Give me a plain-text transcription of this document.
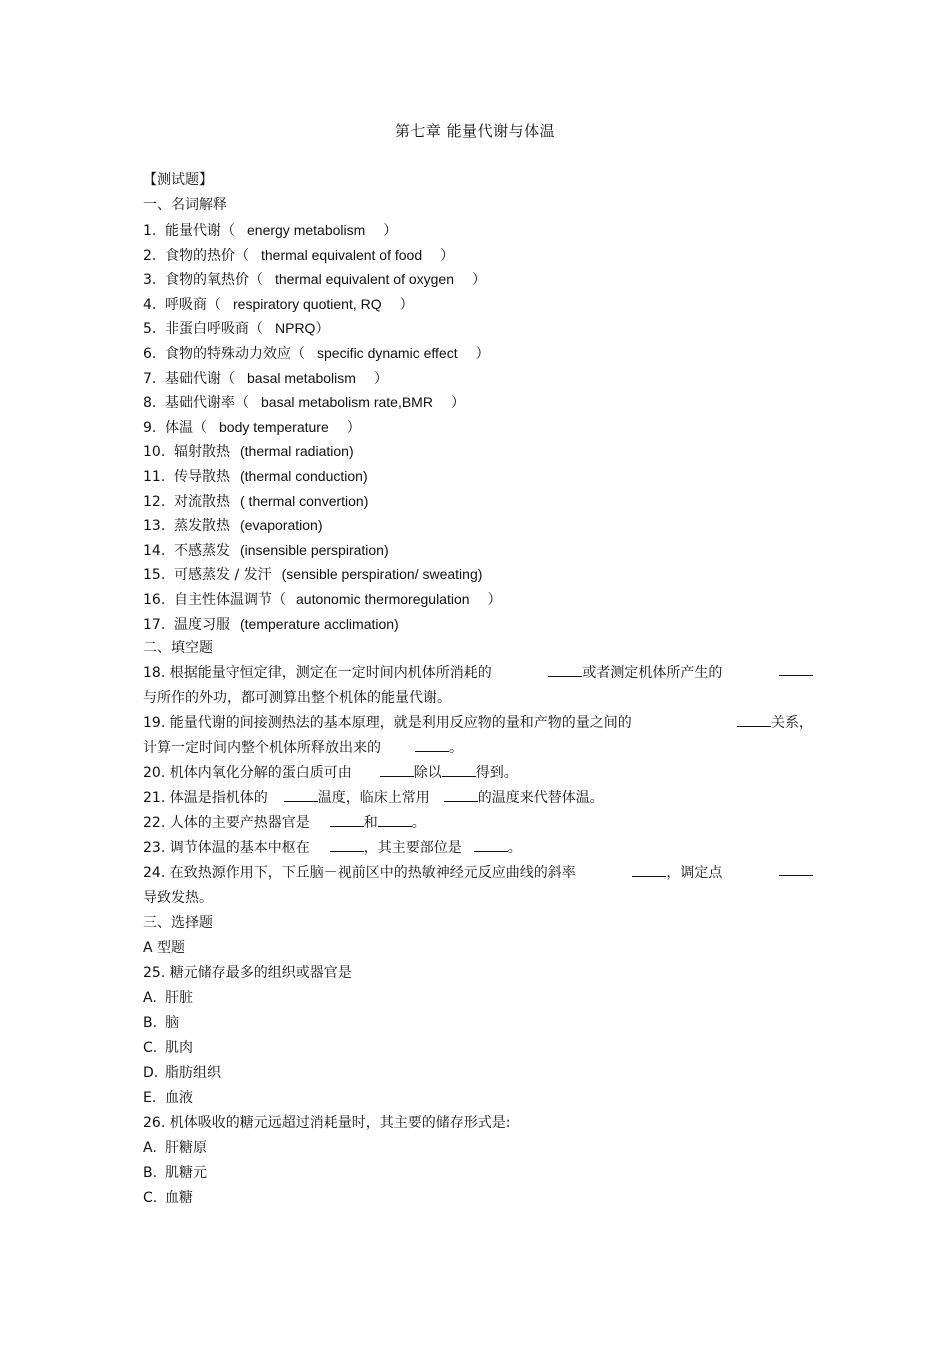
第七章 能量代谢与体温
【测试题】
一、名词解释
1. 能量代谢（ energy metabolism ）
2. 食物的热价（ thermal equivalent of food ）
3. 食物的氧热价（ thermal equivalent of oxygen ）
4. 呼吸商（ respiratory quotient, RQ ）
5. 非蛋白呼吸商（ NPRQ）
6. 食物的特殊动力效应（ specific dynamic effect ）
7. 基础代谢（ basal metabolism ）
8. 基础代谢率（ basal metabolism rate,BMR ）
9. 体温（ body temperature ）
10. 辐射散热 (thermal radiation)
11. 传导散热 (thermal conduction)
12. 对流散热 ( thermal convertion)
13. 蒸发散热 (evaporation)
14. 不感蒸发 (insensible perspiration)
15. 可感蒸发 / 发汗 (sensible perspiration/ sweating)
16. 自主性体温调节（ autonomic thermoregulation ）
17. 温度习服 (temperature acclimation)
二、填空题
18. 根据能量守恒定律，测定在一定时间内机体所消耗的	或者测定机体所产生的
与所作的外功，都可测算出整个机体的能量代谢。
19. 能量代谢的间接测热法的基本原理，就是利用反应物的量和产物的量之间的	关系，
计算一定时间内整个机体所释放出来的	。
20. 机体内氧化分解的蛋白质可由	除以 得到。
21. 体温是指机体的	温度，临床上常用	的温度来代替体温。
22. 人体的主要产热器官是	和 。
23. 调节体温的基本中枢在	，其主要部位是	。
24. 在致热源作用下，下丘脑－视前区中的热敏神经元反应曲线的斜率	，调定点
导致发热。
三、选择题
A 型题
25. 糖元储存最多的组织或器官是
A. 肝脏
B. 脑
C. 肌肉
D. 脂肪组织
E. 血液
26. 机体吸收的糖元远超过消耗量时，其主要的储存形式是:
A. 肝糖原
B. 肌糖元
C. 血糖
